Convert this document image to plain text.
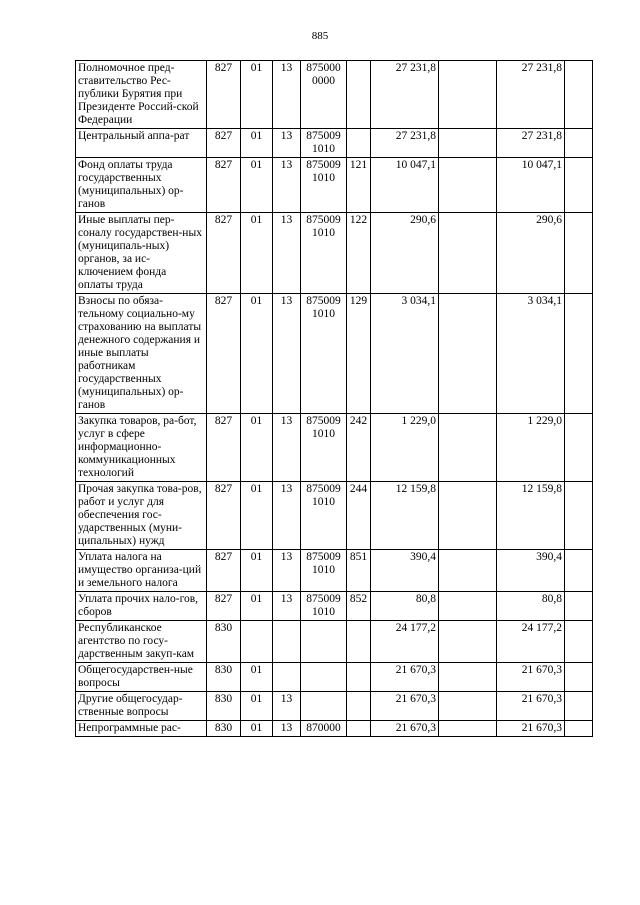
885
Полномочное пред-ставительство Рес-публики Бурятия при Президенте Россий-ской Федерации	827	01	13	875000 0000		27 231,8		27 231,8	
Центральный аппа-рат	827	01	13	875009 1010		27 231,8		27 231,8	
Фонд оплаты труда государственных (муниципальных) ор-ганов	827	01	13	875009 1010	121	10 047,1		10 047,1	
Иные выплаты пер-соналу государствен-ных (муниципаль-ных) органов, за ис-ключением фонда оплаты труда	827	01	13	875009 1010	122	290,6		290,6	
Взносы по обяза-тельному социально-му страхованию на выплаты денежного содержания и иные выплаты работникам государственных (муниципальных) ор-ганов	827	01	13	875009 1010	129	3 034,1		3 034,1	
Закупка товаров, ра-бот, услуг в сфере информационно-коммуникационных технологий	827	01	13	875009 1010	242	1 229,0		1 229,0	
Прочая закупка това-ров, работ и услуг для обеспечения гос-ударственных (муни-ципальных) нужд	827	01	13	875009 1010	244	12 159,8		12 159,8	
Уплата налога на имущество организа-ций и земельного налога	827	01	13	875009 1010	851	390,4		390,4	
Уплата прочих нало-гов, сборов	827	01	13	875009 1010	852	80,8		80,8	
Республиканское агентство по госу-дарственным закуп-кам	830					24 177,2		24 177,2	
Общегосударствен-ные вопросы	830	01				21 670,3		21 670,3	
Другие общегосудар-ственные вопросы	830	01	13			21 670,3		21 670,3	
Непрограммные рас-	830	01	13	870000		21 670,3		21 670,3	
